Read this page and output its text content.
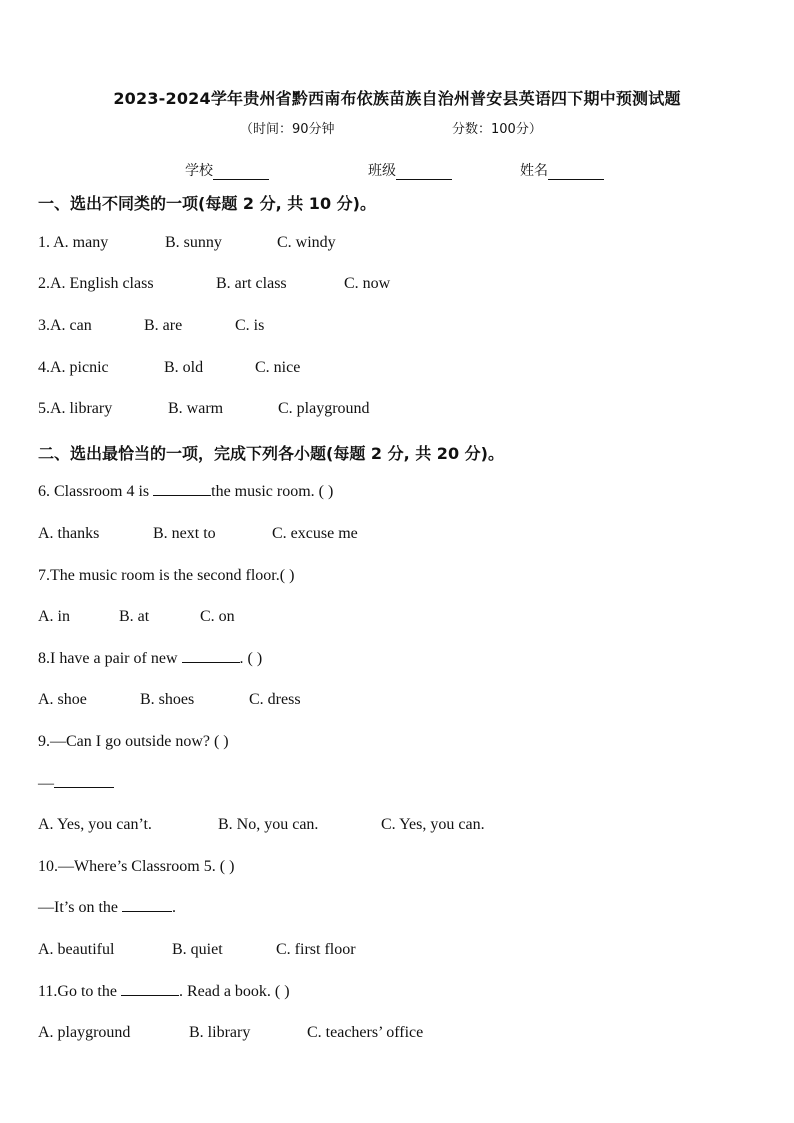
2023-2024学年贵州省黔西南布依族苗族自治州普安县英语四下期中预测试题
（时间：90分钟	分数：100分）
学校	班级	姓名
一、选出不同类的一项(每题 2 分, 共 10 分)。
1. A. many	B. sunny	C. windy
2.A. English class	B. art class	C. now
3.A. can	B. are	C. is
4.A. picnic	B. old	C. nice
5.A. library	B. warm	C. playground
二、选出最恰当的一项，完成下列各小题(每题 2 分, 共 20 分)。
6. Classroom 4 is	the music room. ( )
A. thanks	B. next to	C. excuse me
7.The music room is the second floor.( )
A. in	B. at	C. on
8.I have a pair of new	. ( )
A. shoe	B. shoes	C. dress
9.—Can I go outside now? ( )
—
A. Yes, you can’t.	B. No, you can.	C. Yes, you can.
10.—Where’s Classroom 5. ( )
—It’s on the	.
A. beautiful	B. quiet	C. first floor
11.Go to the	. Read a book. ( )
A. playground	B. library	C. teachers’ office
